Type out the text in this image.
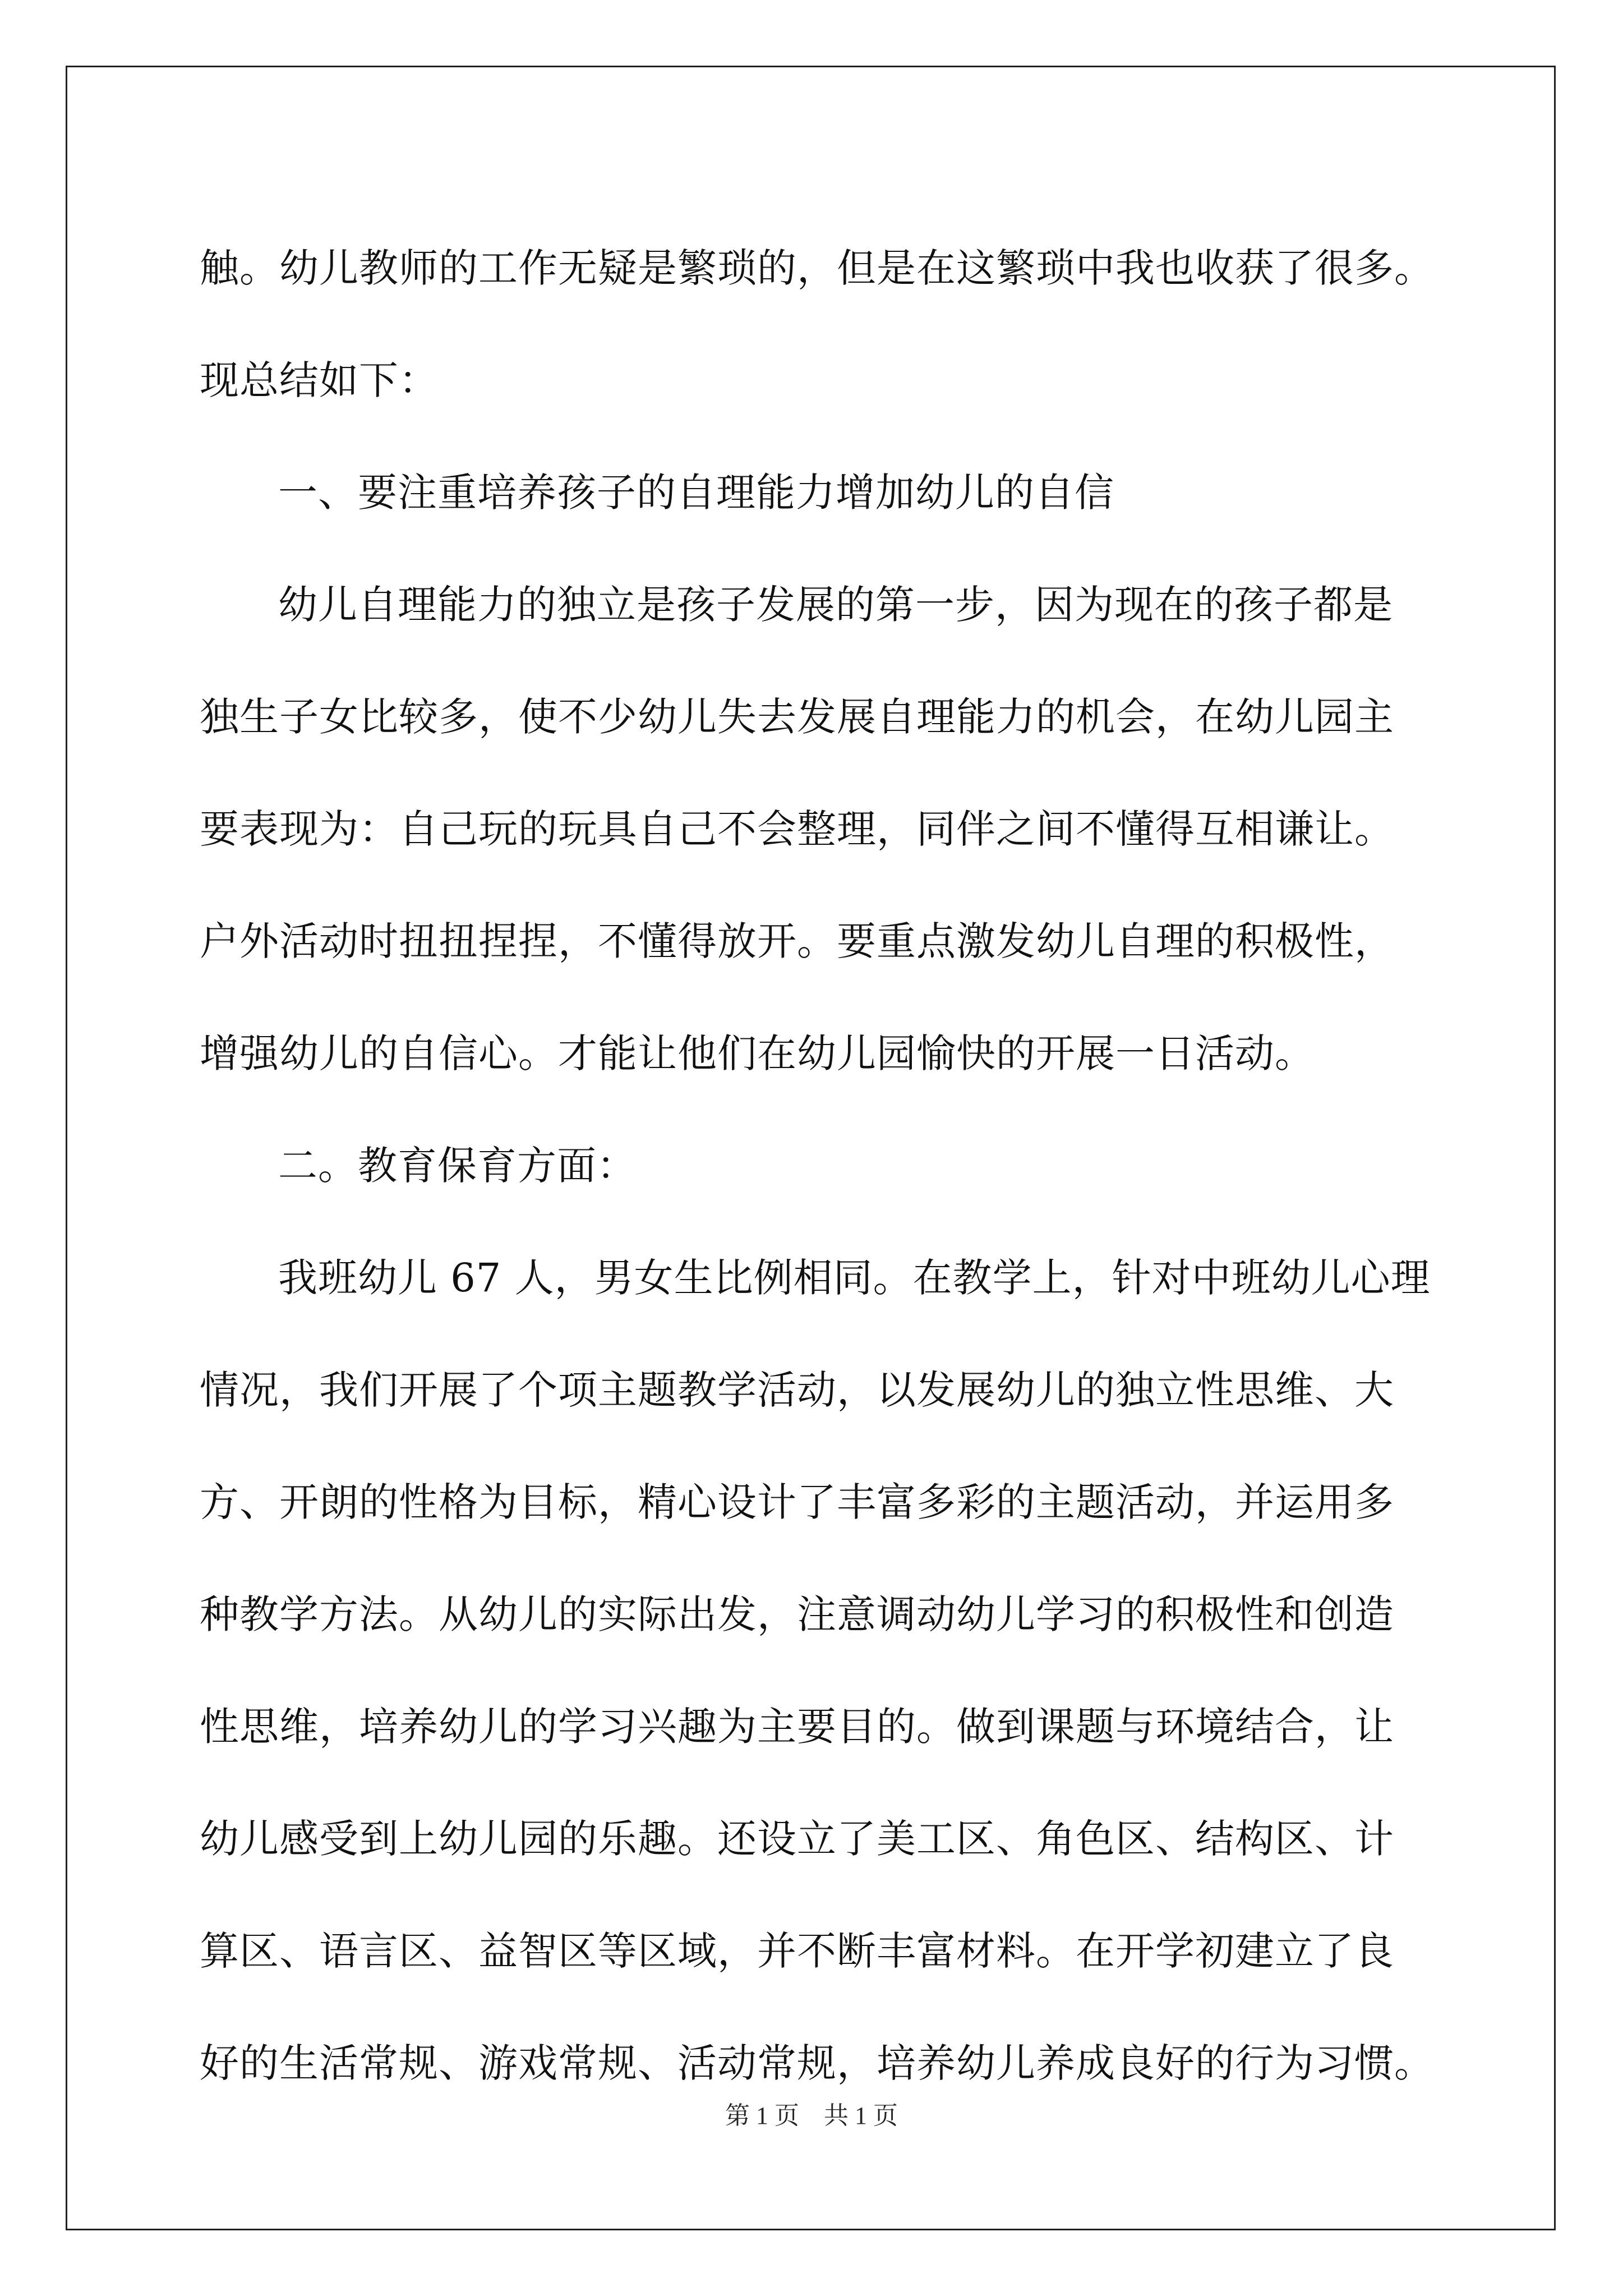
触。幼儿教师的工作无疑是繁琐的，但是在这繁琐中我也收获了很多。
现总结如下：
一、要注重培养孩子的自理能力增加幼儿的自信
幼儿自理能力的独立是孩子发展的第一步，因为现在的孩子都是
独生子女比较多，使不少幼儿失去发展自理能力的机会，在幼儿园主
要表现为：自己玩的玩具自己不会整理，同伴之间不懂得互相谦让。
户外活动时扭扭捏捏，不懂得放开。要重点激发幼儿自理的积极性，
增强幼儿的自信心。才能让他们在幼儿园愉快的开展一日活动。
二。教育保育方面：
我班幼儿 67 人，男女生比例相同。在教学上，针对中班幼儿心理
情况，我们开展了个项主题教学活动，以发展幼儿的独立性思维、大
方、开朗的性格为目标，精心设计了丰富多彩的主题活动，并运用多
种教学方法。从幼儿的实际出发，注意调动幼儿学习的积极性和创造
性思维，培养幼儿的学习兴趣为主要目的。做到课题与环境结合，让
幼儿感受到上幼儿园的乐趣。还设立了美工区、角色区、结构区、计
算区、语言区、益智区等区域，并不断丰富材料。在开学初建立了良
好的生活常规、游戏常规、活动常规，培养幼儿养成良好的行为习惯。
第 1 页　共 1 页
